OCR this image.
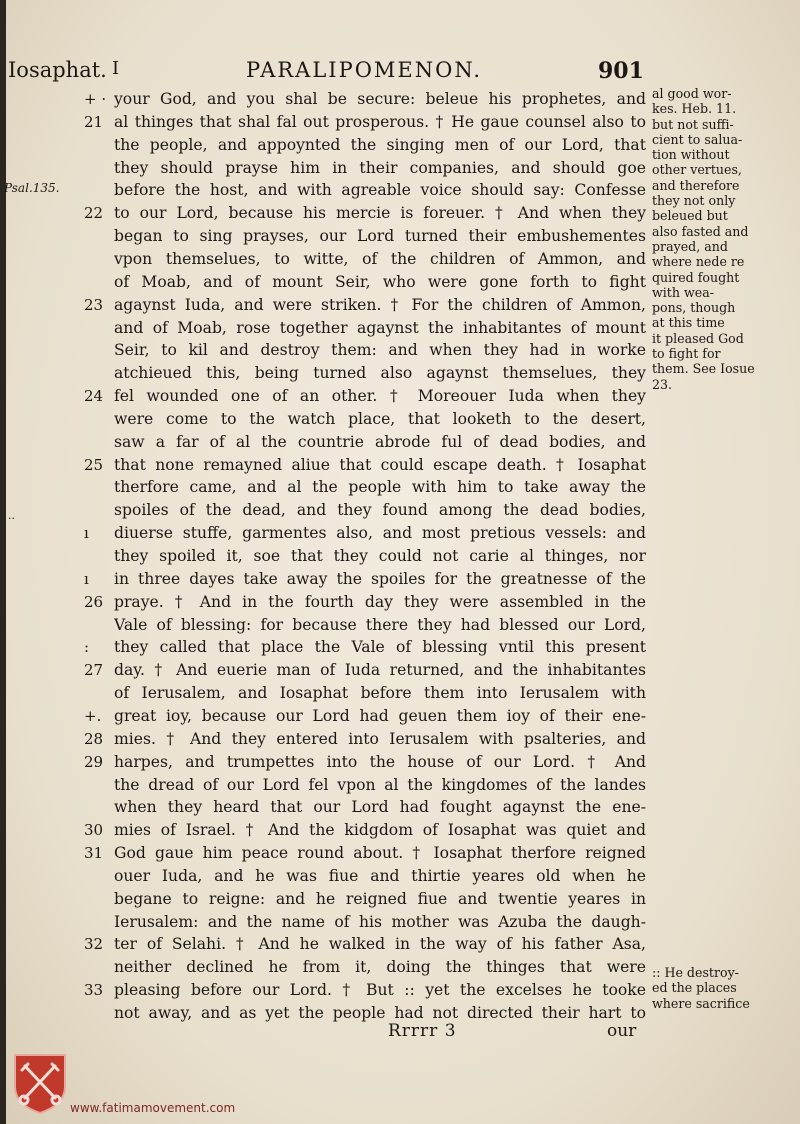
Iosaphat. I	PARALIPOMENON.	901
+ · your God, and you shal be secure: beleue his prophetes, and
21 al thinges that shal fal out prosperous. † He gaue counsel also to
the people, and appoynted the singing men of our Lord, that
they should prayse him in their companies, and should goe
before the host, and with agreable voice should say: Confesse
Psal.135.
22 to our Lord, because his mercie is foreuer. † And when they
began to sing prayses, our Lord turned their embushementes
vpon themselues, to witte, of the children of Ammon, and
of Moab, and of mount Seir, who were gone forth to fight
23 agaynst Iuda, and were striken. † For the children of Ammon,
and of Moab, rose together agaynst the inhabitantes of mount
Seir, to kil and destroy them: and when they had in worke
atchieued this, being turned also agaynst themselues, they
24 fel wounded one of an other. † Moreouer Iuda when they
were come to the watch place, that looketh to the desert,
saw a far of al the countrie abrode ful of dead bodies, and
25 that none remayned aliue that could escape death. † Iosaphat
therfore came, and al the people with him to take away the
spoiles of the dead, and they found among the dead bodies,
ı	diuerse stuffe, garmentes also, and most pretious vessels: and
they spoiled it, soe that they could not carie al thinges, nor
ı	in three dayes take away the spoiles for the greatnesse of the
26 praye. † And in the fourth day they were assembled in the
Vale of blessing: for because there they had blessed our Lord,
:	they called that place the Vale of blessing vntil this present
27 day. † And euerie man of Iuda returned, and the inhabitantes
of Ierusalem, and Iosaphat before them into Ierusalem with
+. great ioy, because our Lord had geuen them ioy of their ene-
28 mies. † And they entered into Ierusalem with psalteries, and
29 harpes, and trumpettes into the house of our Lord. † And
the dread of our Lord fel vpon al the kingdomes of the landes
when they heard that our Lord had fought agaynst the ene-
30 mies of Israel. † And the kidgdom of Iosaphat was quiet and
31 God gaue him peace round about. † Iosaphat therfore reigned
ouer Iuda, and he was fiue and thirtie yeares old when he
begane to reigne: and he reigned fiue and twentie yeares in
Ierusalem: and the name of his mother was Azuba the daugh-
32 ter of Selahi. † And he walked in the way of his father Asa,
neither declined he from it, doing the thinges that were
33 pleasing before our Lord. † But :: yet the excelses he tooke
not away, and as yet the people had not directed their hart to
··
al good wor-
kes. Heb. 11.
but not suffi-
cient to salua-
tion without
other vertues,
and therefore
they not only
beleued but
also fasted and
prayed, and
where nede re
quired fought
with wea-
pons, though
at this time
it pleased God
to fight for
them. See Iosue
23.
:: He destroy-
ed the places
where sacrifice
Rrrrr 3	our
www.fatimamovement.com
